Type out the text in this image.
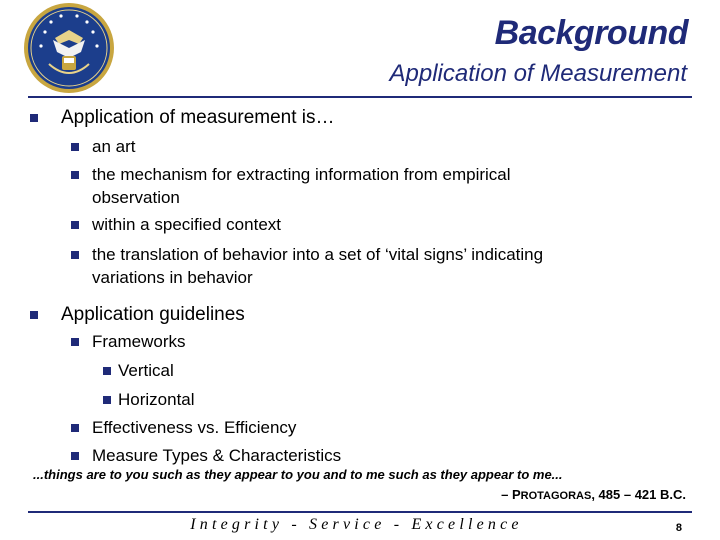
Background
Application of Measurement
Application of measurement is…
an art
the mechanism for extracting information from empirical
observation
within a specified context
the translation of behavior into a set of ‘vital signs’ indicating
variations in behavior
Application guidelines
Frameworks
Vertical
Horizontal
Effectiveness vs. Efficiency
Measure Types & Characteristics
...things are to you such as they appear to you and to me such as they appear to me...
– PROTAGORAS, 485 – 421 B.C.
Integrity - Service - Excellence	8
